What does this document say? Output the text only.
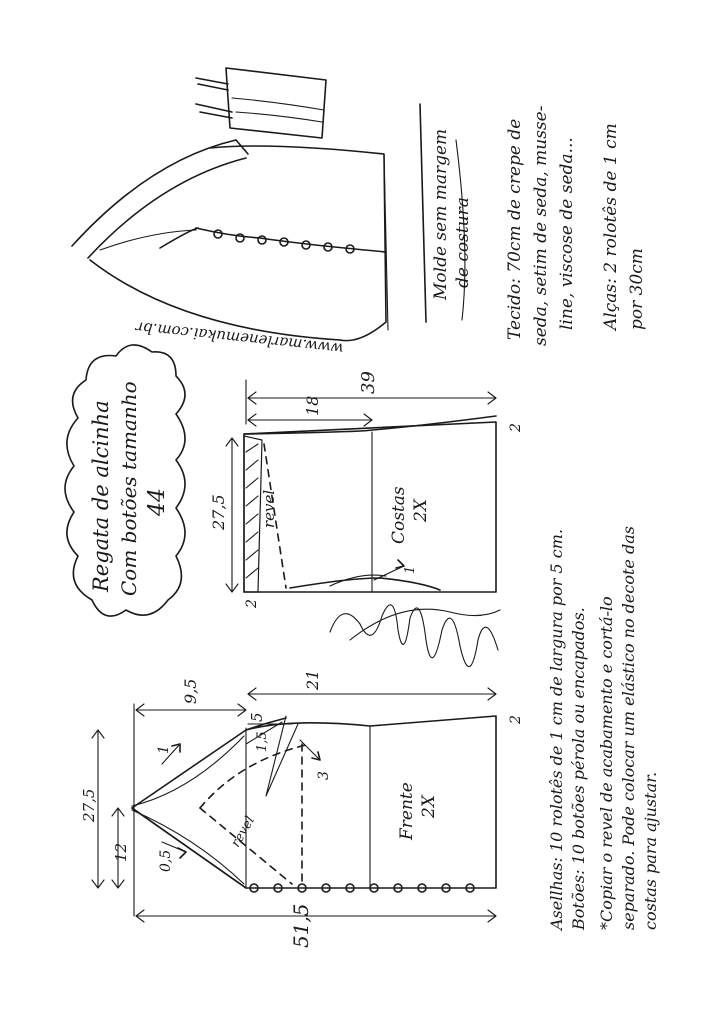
www.marlenemukai.com.br
Molde sem margem de costura Tecido: 70cm de crepe de seda, setim de seda, musse- line, viscose de seda... Alças: 2 rolotês de 1 cm por 30cm
Regata de alcinha Com botões tamanho 44
39
18
27,5 revel	Costas 2X
2
2
1
9,5	21
5
27,5
12
51,5
1
0,5
1,5
3
2
revel	Frente 2X	Asellhas: 10 rolotês de 1 cm de largura por 5 cm. Botões: 10 botões pérola ou encapados. *Copiar o revel de acabamento e cortá-lo separado. Pode colocar um elástico no decote das costas para ajustar.
